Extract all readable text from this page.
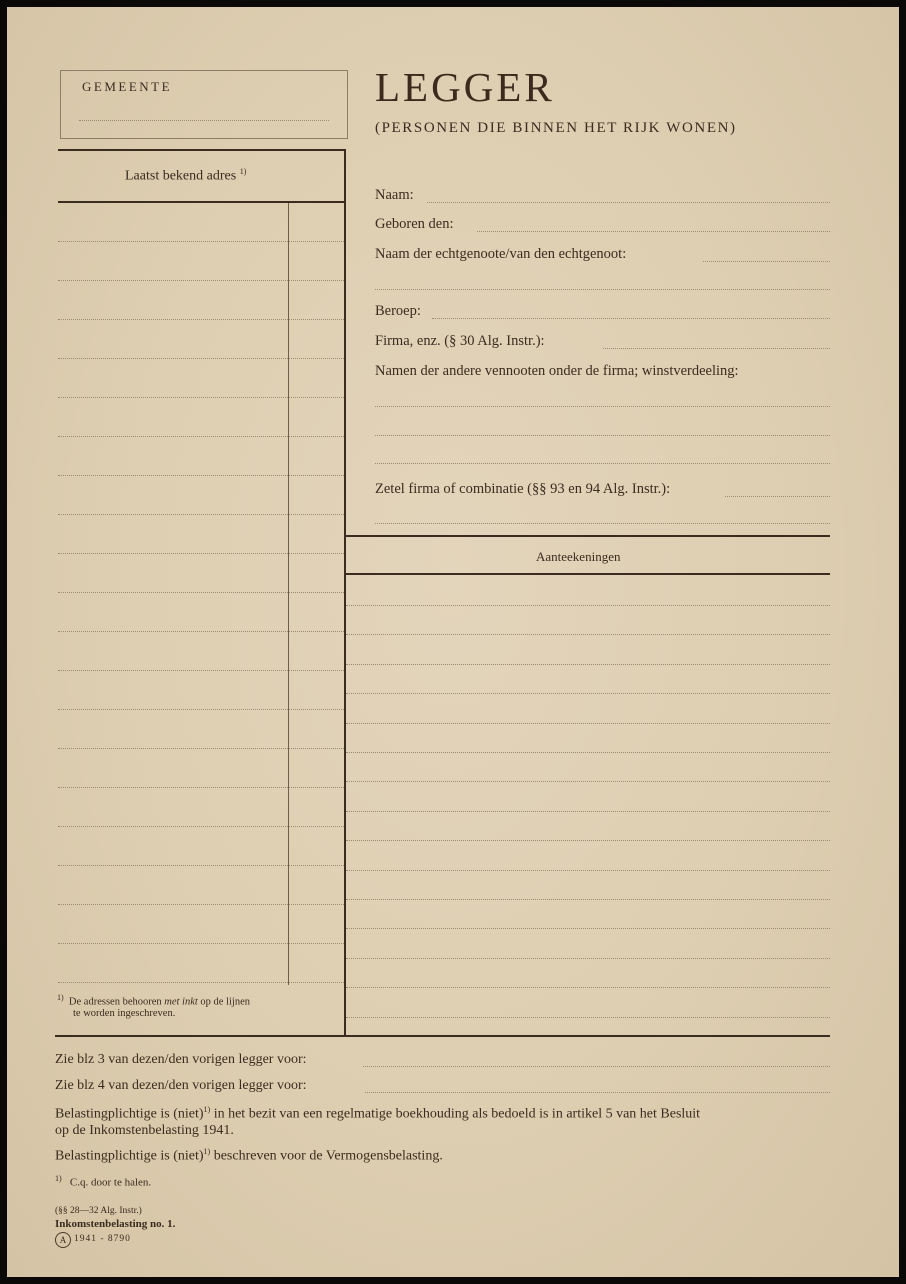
GEMEENTE	LEGGER
(PERSONEN DIE BINNEN HET RIJK WONEN)
Laatst bekend adres $^{1)}$
$^{1)}$ De adressen behooren met inkt op de lijnen
te worden ingeschreven.
Naam:
Geboren den:
Naam der echtgenoote/van den echtgenoot:
Beroep:
Firma, enz. (§ 30 Alg. Instr.):
Namen der andere vennooten onder de firma; winstverdeeling:
Zetel firma of combinatie (§§ 93 en 94 Alg. Instr.):
Aanteekeningen
Zie blz 3 van dezen/den vorigen legger voor:
Zie blz 4 van dezen/den vorigen legger voor:
Belastingplichtige is (niet)$^{1)}$ in het bezit van een regelmatige boekhouding als bedoeld is in artikel 5 van het Besluit
op de Inkomstenbelasting 1941.
Belastingplichtige is (niet)$^{1)}$ beschreven voor de Vermogensbelasting.
$^{1)}$ C.q. door te halen.
(§§ 28—32 Alg. Instr.)
Inkomstenbelasting no. 1.
A 1941 - 8790
